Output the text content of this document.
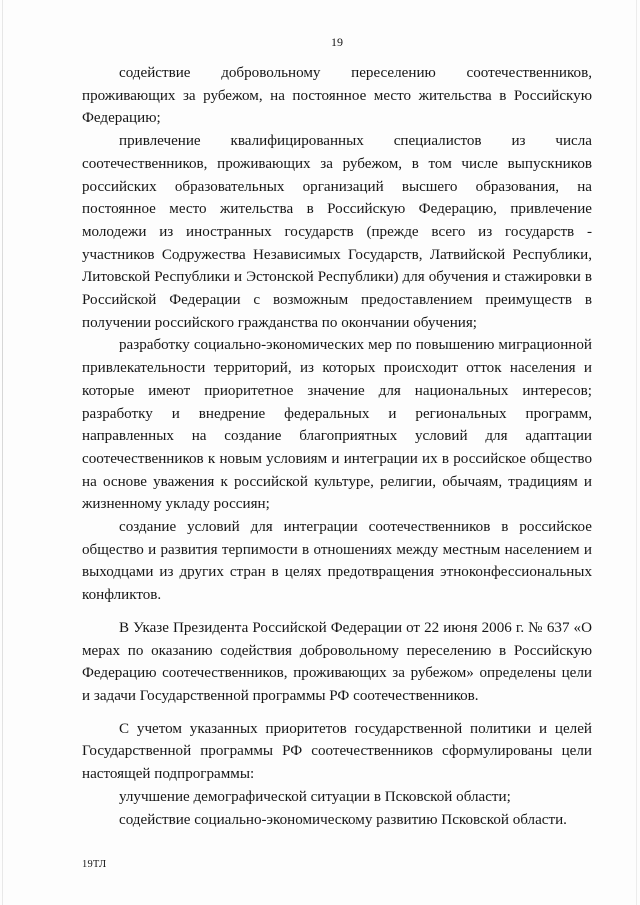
19

содействие добровольному переселению соотечественников, проживающих за рубежом, на постоянное место жительства в Российскую Федерацию;

привлечение квалифицированных специалистов из числа соотечественников, проживающих за рубежом, в том числе выпускников российских образовательных организаций высшего образования, на постоянное место жительства в Российскую Федерацию, привлечение молодежи из иностранных государств (прежде всего из государств - участников Содружества Независимых Государств, Латвийской Республики, Литовской Республики и Эстонской Республики) для обучения и стажировки в Российской Федерации с возможным предоставлением преимуществ в получении российского гражданства по окончании обучения;

разработку социально-экономических мер по повышению миграционной привлекательности территорий, из которых происходит отток населения и которые имеют приоритетное значение для национальных интересов; разработку и внедрение федеральных и региональных программ, направленных на создание благоприятных условий для адаптации соотечественников к новым условиям и интеграции их в российское общество на основе уважения к российской культуре, религии, обычаям, традициям и жизненному укладу россиян;

создание условий для интеграции соотечественников в российское общество и развития терпимости в отношениях между местным населением и выходцами из других стран в целях предотвращения этноконфессиональных конфликтов.

В Указе Президента Российской Федерации от 22 июня 2006 г. № 637 «О мерах по оказанию содействия добровольному переселению в Российскую Федерацию соотечественников, проживающих за рубежом» определены цели и задачи Государственной программы РФ соотечественников.

С учетом указанных приоритетов государственной политики и целей Государственной программы РФ соотечественников сформулированы цели настоящей подпрограммы:

улучшение демографической ситуации в Псковской области;

содействие социально-экономическому развитию Псковской области.

19ТЛ
